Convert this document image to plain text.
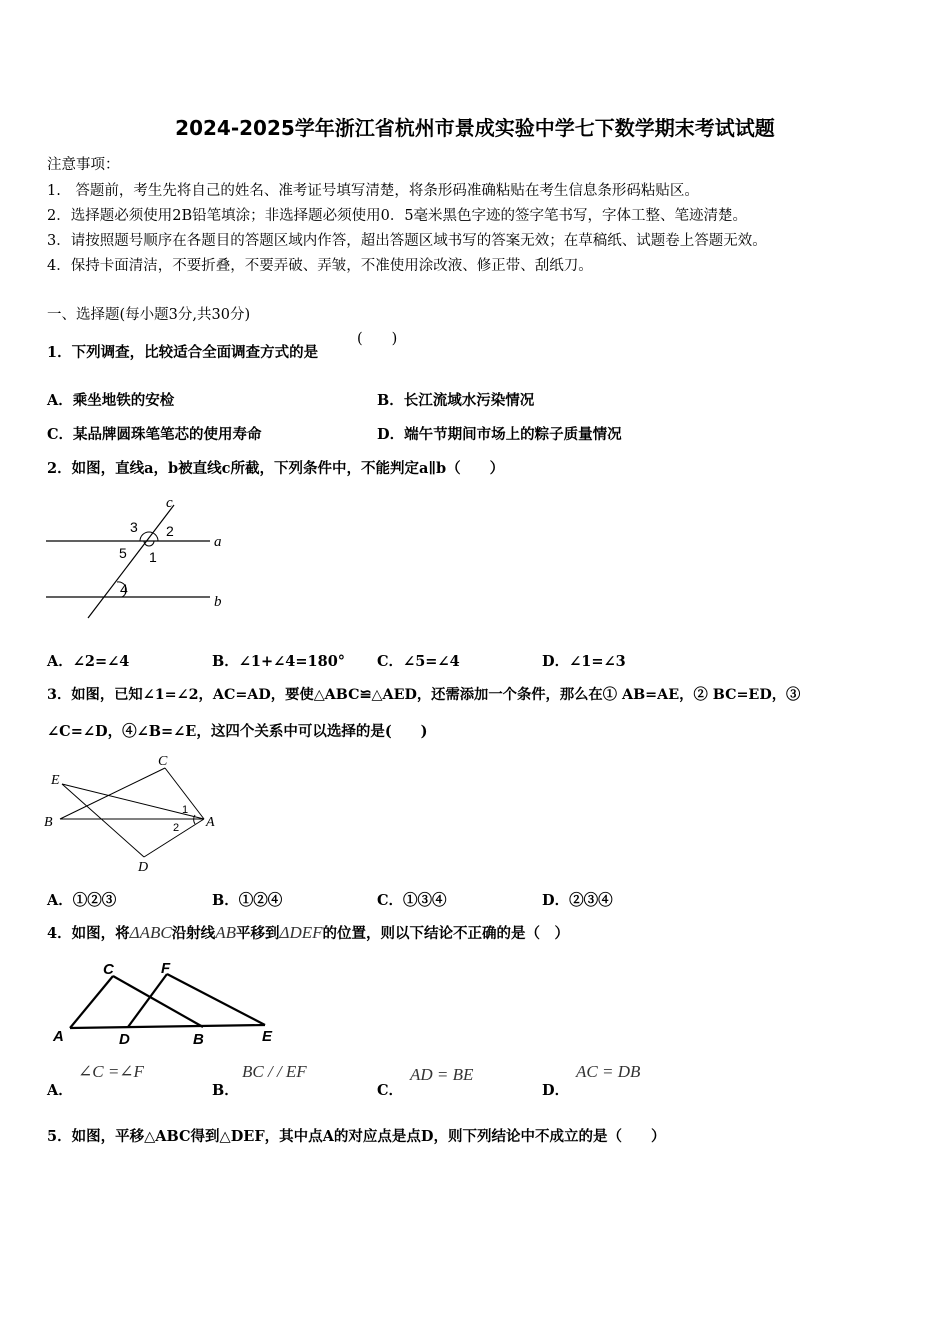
2024-2025学年浙江省杭州市景成实验中学七下数学期末考试试题
注意事项：
1.　答题前，考生先将自己的姓名、准考证号填写清楚，将条形码准确粘贴在考生信息条形码粘贴区。
2．选择题必须使用2B铅笔填涂；非选择题必须使用0．5毫米黑色字迹的签字笔书写，字体工整、笔迹清楚。
3．请按照题号顺序在各题目的答题区域内作答，超出答题区域书写的答案无效；在草稿纸、试题卷上答题无效。
4．保持卡面清洁，不要折叠，不要弄破、弄皱，不准使用涂改液、修正带、刮纸刀。
一、选择题(每小题3分,共30分)
1．下列调查，比较适合全面调查方式的是
(　　)
A．乘坐地铁的安检	B．长江流域水污染情况
C．某品牌圆珠笔笔芯的使用寿命	D．端午节期间市场上的粽子质量情况
2．如图，直线a，b被直线c所截，下列条件中，不能判定a∥b（　　）
c
3 2
5 1
a
4
b
A．∠2=∠4	B．∠1+∠4=180° C．∠5=∠4	D．∠1=∠3
3．如图，已知∠1=∠2，AC=AD，要使△ABC≌△AED，还需添加一个条件，那么在① AB=AE，② BC=ED，③
∠C=∠D，④∠B=∠E，这四个关系中可以选择的是(　　)
C
E
1
B	2 A
D
A．①②③	B．①②④	C．①③④	D．②③④
4．如图，将ΔABC沿射线AB平移到ΔDEF的位置，则以下结论不正确的是（　）
C	F
A	D	B	E
A．
∠C =∠F
B．
BC / / EF
C．
AD = BE
D．
AC = DB
5．如图，平移△ABC得到△DEF，其中点A的对应点是点D，则下列结论中不成立的是（　　）
